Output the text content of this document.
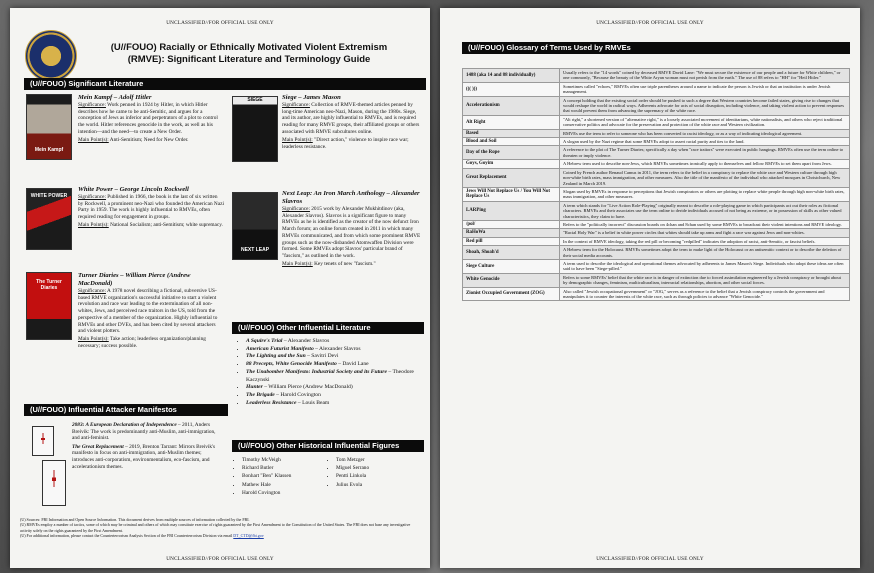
UNCLASSIFIED//FOR OFFICIAL USE ONLY
(U//FOUO) Racially or Ethnically Motivated Violent Extremism
(RMVE): Significant Literature and Terminology Guide
(U//FOUO) Significant Literature
Mein Kampf
Mein Kampf – Adolf Hitler

Significance: Work penned in 1924 by Hitler, in which Hitler describes how he came to be anti-Semitic, and argues for a conception of Jews as inferior and perpetrators of a plot to control the world. Hitler references genocide in the work, as well as his intention—and the need—to create a New Order.

Main Point(s): Anti-Semitism; Need for New Order.

WHITE POWER
White Power – George Lincoln Rockwell

Significance: Published in 1966, the book is the last of six written by Rockwell, a prominent neo-Nazi who founded the American Nazi Party in 1959. The work is highly influential to RMVEs, often required reading for engagement in groups.

Main Point(s): National Socialism; anti-Semitism; white supremacy.

The Turner Diaries
Turner Diaries – William Pierce (Andrew MacDonald)

Significance: A 1978 novel describing a fictional, subversive US-based RMVE organization's successful initiative to start a violent revolution and race war leading to the extermination of all non-whites, Jews, and perceived race traitors in the US, told from the perspective of a member of the organization. Highly influential to RMVEs and other DVEs, and has been cited by several attackers and violent plotters.

Main Point(s): Take action; leaderless organization/planning necessary; success possible.

SIEGE	Siege – James Mason

Significance: Collection of RMVE-themed articles penned by long-time American neo-Nazi, Mason, during the 1980s. Siege, and its author, are highly influential to RMVEs, and is required reading for many RMVE groups, their affiliated groups or others associated with RMVE subcultures online.

Main Point(s): "Direct action," violence to inspire race war; leaderless resistance.

NEXT LEAP
Next Leap: An Iron March Anthology – Alexander Slavros

Significance: 2015 work by Alexander Mukhitdinov (aka, Alexander Slavros). Slavros is a significant figure to many RMVEs as he is identified as the creator of the now defunct Iron March forum; an online forum created in 2011 in which many RMVEs communicated, and from which some prominent RMVE groups such as the now-disbanded Atomwaffen Division were formed. Some RMVEs adopt Slavros' particular brand of "fascism," as outlined in the work.

Main Point(s): Key tenets of new "fascism."

(U//FOUO) Other Influential Literature
• A Squire's Trial – Alexander Slavros
• American Futurist Manifesto – Alexander Slavros
• The Lighting and the Sun – Savitri Devi
• 88 Precepts, White Genocide Manifesto – David Lane
• The Unabomber Manifesto: Industrial Society and its Future – Theodore Kaczynski
• Hunter – William Pierce (Andrew MacDonald)
• The Brigade – Harold Covington
• Leaderless Resistance – Louis Beam
(U//FOUO) Influential Attacker Manifestos

2083: A European Declaration of Independence – 2011, Anders Breivik: The work is predominantly anti-Muslim, anti-immigration, and anti-feminist.

The Great Replacement – 2019, Brenton Tarrant: Mirrors Breivik's manifesto in focus on anti-immigration, anti-Muslim themes; introduces anti-corporatism, environmentalism, eco-fascism, and accelerationism themes.

(U//FOUO) Other Historical Influential Figures
• Timothy McVeigh
• Richard Butler
• Bonhart "Ben" Klassen
• Mathew Hale
• Harold Covington
• Tom Metzger
• Miguel Serrano
• Pentti Linkola
• Julius Evola
(U) Sources: FBI Information and Open Source Information. This document derives from multiple sources of information collected by the FBI.
(U) RMVEs employ a number of tactics, some of which may be criminal and others of which may constitute exercise of rights guaranteed by the First Amendment to the Constitution of the United States. The FBI does not base any investigative activity solely on the rights guaranteed by the First Amendment.
(U) For additional information, please contact the Counterterrorism Analysis Section of the FBI Counterterrorism Division via email DT_CTD@fbi.gov
UNCLASSIFIED//FOR OFFICIAL USE ONLY
UNCLASSIFIED//FOR OFFICIAL USE ONLY
(U//FOUO) Glossary of Terms Used by RMVEs
1488 (aka 14 and 88 individually)	Usually refers to the "14 words" coined by deceased RMVE David Lane: "We must secure the existence of our people and a future for White children," or one commonly, "Because the beauty of the White Aryan woman must not perish from the earth." The use of 88 refers to "HH" for "Heil Hitler."
((( )))	Sometimes called "echoes," RMVEs often use triple parentheses around a name to indicate the person is Jewish or that an institution is under Jewish management.
Accelerationism	A concept holding that the existing social order should be pushed to such a degree that Western countries become failed states, giving rise to changes that would reshape the world in radical ways. Adherents advocate for acts of social disruption, including violence, and taking violent action to prevent responses that would prevent them from advancing the supremacy of the white race.
Alt Right	"Alt right," a shortened version of "alternative right," is a loosely associated movement of identitarians, white nationalists, and others who reject traditional conservative politics and advocate for the preservation and protection of the white race and Western civilization.
Based	RMVEs use the term to refer to someone who has been converted to racist ideology, or as a way of indicating ideological agreement.
Blood and Soil	A slogan used by the Nazi regime that some RMVEs adopt to assert racial purity and ties to the land.
Day of the Rope	A reference to the plot of The Turner Diaries; specifically a day when "race traitors" were executed in public hangings. RMVEs often use the term online to threaten or imply violence.
Goys, Goyim	A Hebrew term used to describe non-Jews, which RMVEs sometimes ironically apply to themselves and fellow RMVEs to set them apart from Jews.
Great Replacement	Coined by French author Renaud Camus in 2011, the term refers to the belief in a conspiracy to replace the white race and Western culture through high non-white birth rates, mass immigration, and other measures. Also the title of the manifesto of the individual who attacked mosques in Christchurch, New Zealand in March 2019.
Jews Will Not Replace Us / You Will Not Replace Us	Slogan used by RMVEs in response to perceptions that Jewish conspirators or others are plotting to replace white people through high non-white birth rates, mass immigration, and other measures.
LARPing	A term which stands for "Live Action Role-Playing" originally meant to describe a role-playing game in which participants act out their roles as fictional characters. RMVEs and their associates use the term online to deride individuals accused of not being as extreme, or in possession of skills as other valued characteristics, they claim to have.
/pol/	Refers to the "politically incorrect" discussion boards on 4chan and 8chan used by some RMVEs to broadcast their violent intentions and RMVE ideology.
RaHoWa	"Racial Holy War" is a belief in white power circles that whites should take up arms and fight a race war against Jews and non-whites.
Red pill	In the context of RMVE ideology, taking the red pill or becoming "redpilled" indicates the adoption of racist, anti-Semitic, or fascist beliefs.
Shoah, Shoah'd	A Hebrew term for the Holocaust. RMVEs sometimes adopt the term to make light of the Holocaust or an antisemitic context or to describe the deletion of their social media accounts.
Siege Culture	A term used to describe the ideological and operational themes advocated by adherents to James Mason's Siege. Individuals who adopt these ideas are often said to have been "Siege-pilled."
White Genocide	Refers to some RMVEs' belief that the white race is in danger of extinction due to forced assimilation engineered by a Jewish conspiracy or brought about by demographic changes, feminism, multiculturalism, interracial relationships, abortion, and other social forces.
Zionist Occupied Government (ZOG)	Also called "Jewish occupational government" or "JOG," serves as a reference to the belief that a Jewish conspiracy controls the government and manipulates it to counter the interests of the white race, such as through policies to advance "White Genocide."
UNCLASSIFIED//FOR OFFICIAL USE ONLY
